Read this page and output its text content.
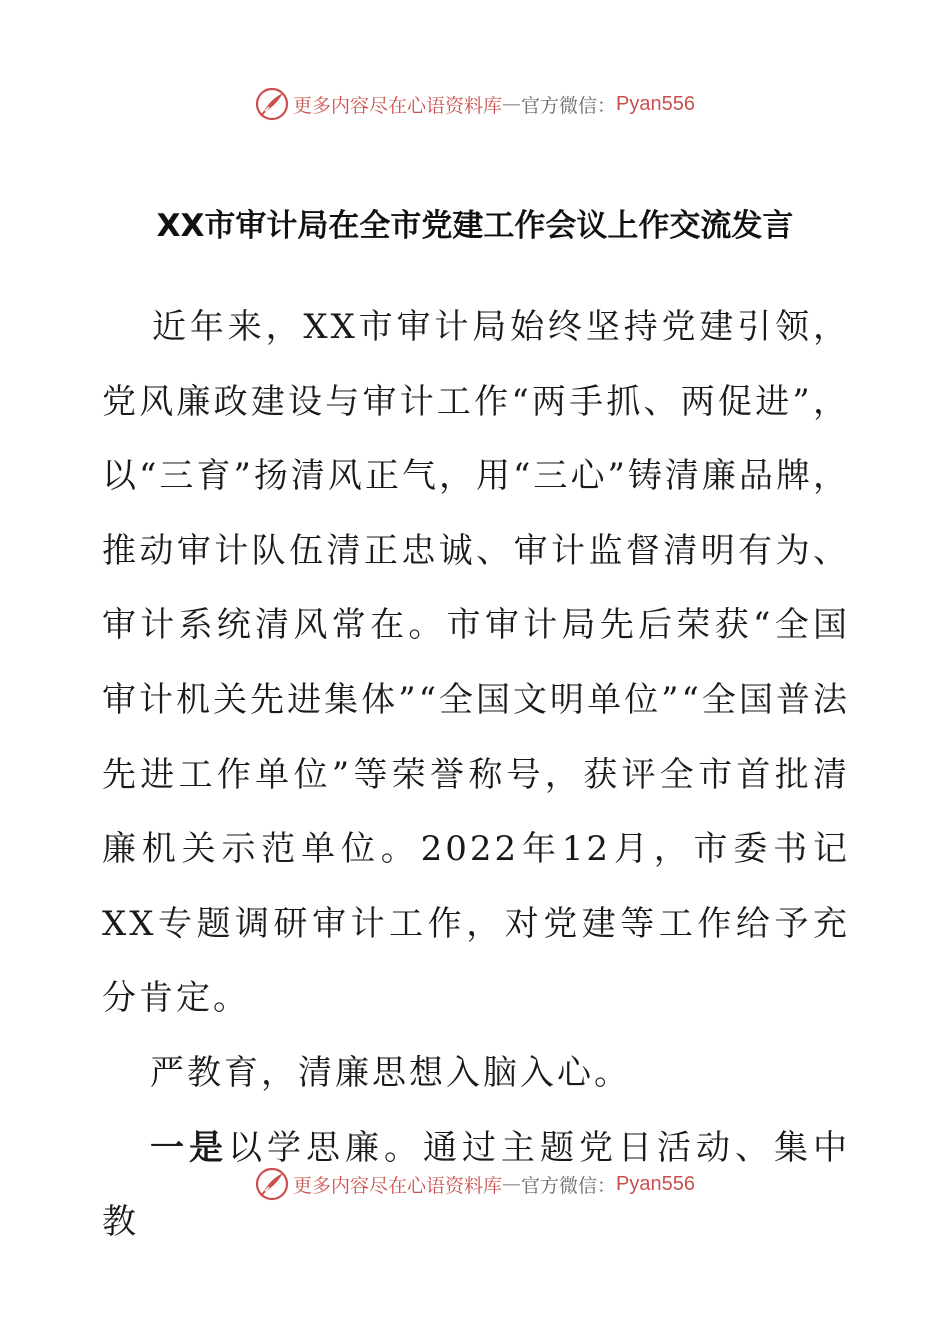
更多内容尽在心语资料库 — 官方微信： Pyan556
XX市审计局在全市党建工作会议上作交流发言

近年来，XX市审计局始终坚持党建引领，党风廉政建设与审计工作“两手抓、两促进”，以“三育”扬清风正气，用“三心”铸清廉品牌，推动审计队伍清正忠诚、审计监督清明有为、审计系统清风常在。市审计局先后荣获“全国审计机关先进集体”“全国文明单位”“全国普法先进工作单位”等荣誉称号，获评全市首批清廉机关示范单位。2022年12月，市委书记XX专题调研审计工作，对党建等工作给予充分肯定。

严教育，清廉思想入脑入心。

一是以学思廉。通过主题党日活动、集中教

更多内容尽在心语资料库 — 官方微信： Pyan556
